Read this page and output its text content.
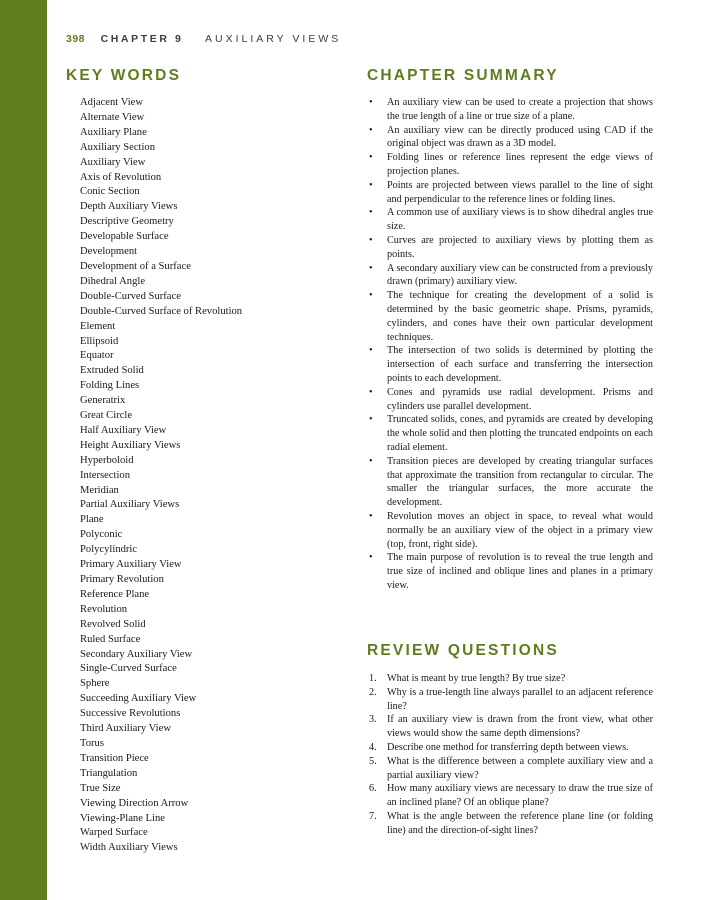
398 CHAPTER 9 AUXILIARY VIEWS
KEY WORDS
Adjacent View
Alternate View
Auxiliary Plane
Auxiliary Section
Auxiliary View
Axis of Revolution
Conic Section
Depth Auxiliary Views
Descriptive Geometry
Developable Surface
Development
Development of a Surface
Dihedral Angle
Double-Curved Surface
Double-Curved Surface of Revolution
Element
Ellipsoid
Equator
Extruded Solid
Folding Lines
Generatrix
Great Circle
Half Auxiliary View
Height Auxiliary Views
Hyperboloid
Intersection
Meridian
Partial Auxiliary Views
Plane
Polyconic
Polycylindric
Primary Auxiliary View
Primary Revolution
Reference Plane
Revolution
Revolved Solid
Ruled Surface
Secondary Auxiliary View
Single-Curved Surface
Sphere
Succeeding Auxiliary View
Successive Revolutions
Third Auxiliary View
Torus
Transition Piece
Triangulation
True Size
Viewing Direction Arrow
Viewing-Plane Line
Warped Surface
Width Auxiliary Views
CHAPTER SUMMARY
• An auxiliary view can be used to create a projection that shows the true length of a line or true size of a plane.
• An auxiliary view can be directly produced using CAD if the original object was drawn as a 3D model.
• Folding lines or reference lines represent the edge views of projection planes.
• Points are projected between views parallel to the line of sight and perpendicular to the reference lines or folding lines.
• A common use of auxiliary views is to show dihedral angles true size.
• Curves are projected to auxiliary views by plotting them as points.
• A secondary auxiliary view can be constructed from a previously drawn (primary) auxiliary view.
• The technique for creating the development of a solid is determined by the basic geometric shape. Prisms, pyramids, cylinders, and cones have their own particular development techniques.
• The intersection of two solids is determined by plotting the intersection of each surface and transferring the intersection points to each development.
• Cones and pyramids use radial development. Prisms and cylinders use parallel development.
• Truncated solids, cones, and pyramids are created by developing the whole solid and then plotting the truncated endpoints on each radial element.
• Transition pieces are developed by creating triangular surfaces that approximate the transition from rectangular to circular. The smaller the triangular surfaces, the more accurate the development.
• Revolution moves an object in space, to reveal what would normally be an auxiliary view of the object in a primary view (top, front, right side).
• The main purpose of revolution is to reveal the true length and true size of inclined and oblique lines and planes in a primary view.
REVIEW QUESTIONS
1. What is meant by true length? By true size?
2. Why is a true-length line always parallel to an adjacent reference line?
3. If an auxiliary view is drawn from the front view, what other views would show the same depth dimensions?
4. Describe one method for transferring depth between views.
5. What is the difference between a complete auxiliary view and a partial auxiliary view?
6. How many auxiliary views are necessary to draw the true size of an inclined plane? Of an oblique plane?
7. What is the angle between the reference plane line (or folding line) and the direction-of-sight lines?
